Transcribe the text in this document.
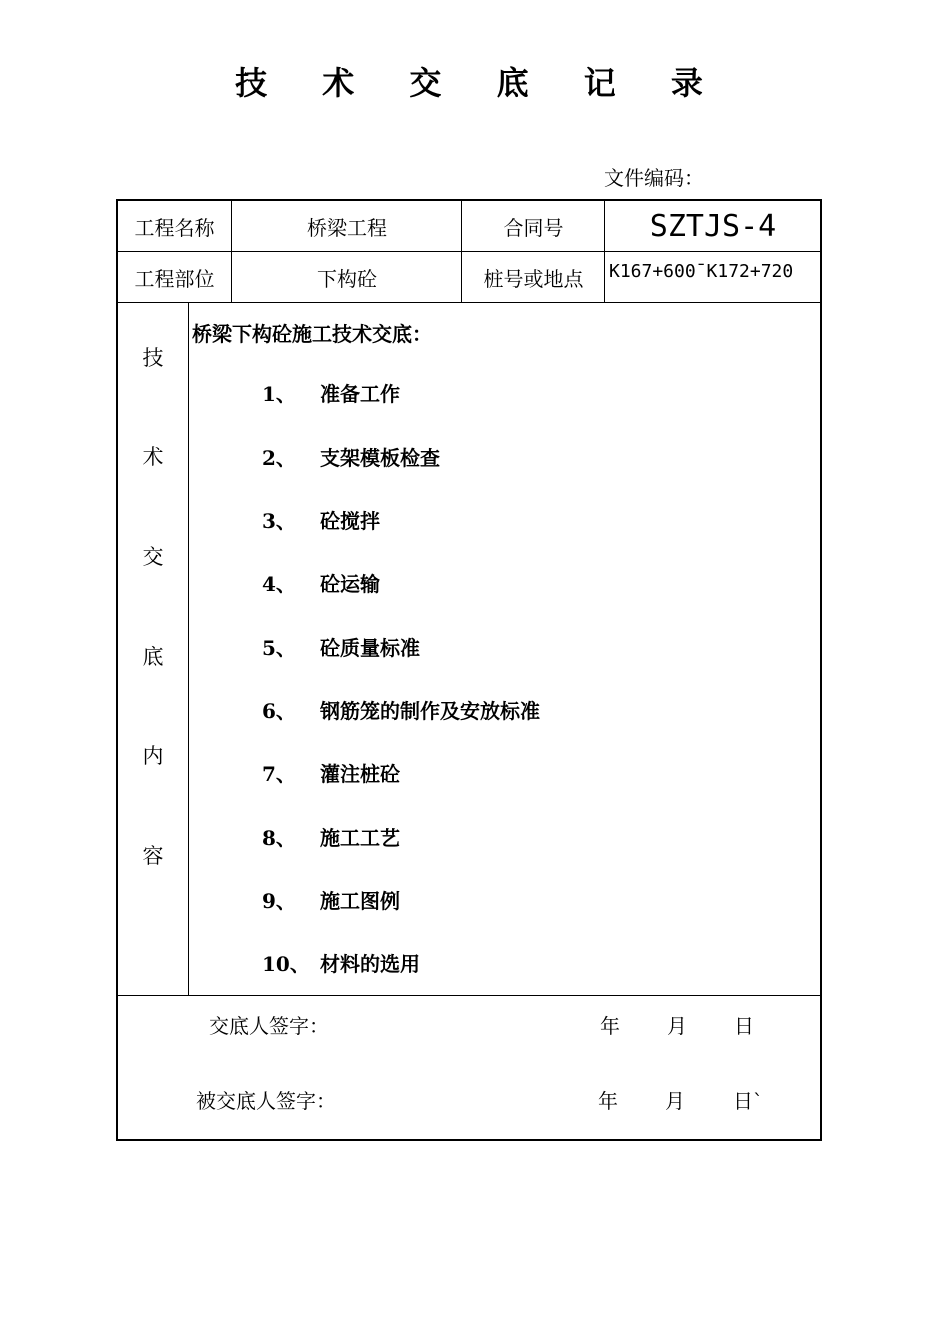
技 术 交 底 记 录
文件编码：
工程名称	桥梁工程	合同号	SZTJS-4
工程部位	下构砼	桩号或地点	K167+600¯K172+720
技
术
交
底
内
容
桥梁下构砼施工技术交底：
1、	准备工作
2、	支架模板检查
3、	砼搅拌
4、	砼运输
5、	砼质量标准
6、	钢筋笼的制作及安放标准
7、	灌注桩砼
8、	施工工艺
9、	施工图例
10、 材料的选用
交底人签字：	年 月 日
被交底人签字：	年 月 日`
